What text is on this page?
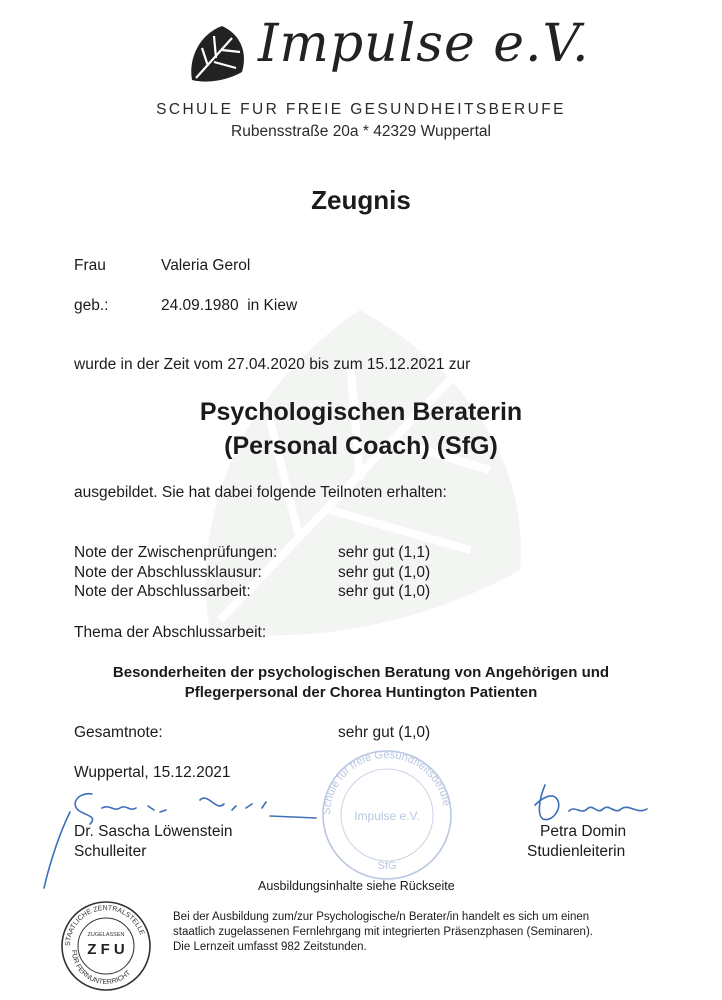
Impulse e.V.
SCHULE FUR FREIE GESUNDHEITSBERUFE
Rubensstraße 20a * 42329 Wuppertal
Zeugnis
Frau	Valeria Gerol
geb.:	24.09.1980  in Kiew
wurde in der Zeit vom 27.04.2020 bis zum 15.12.2021 zur
Psychologischen Beraterin
(Personal Coach) (SfG)
ausgebildet. Sie hat dabei folgende Teilnoten erhalten:
Note der Zwischenprüfungen:	sehr gut (1,1)
Note der Abschlussklausur:	sehr gut (1,0)
Note der Abschlussarbeit:	sehr gut (1,0)
Thema der Abschlussarbeit:
Besonderheiten der psychologischen Beratung von Angehörigen und
Pflegerpersonal der Chorea Huntington Patienten
Gesamtnote:	sehr gut (1,0)
Wuppertal, 15.12.2021
Schule für freie Gesundheitsberufe
Impulse e.V.
SfG
Dr. Sascha Löwenstein
Schulleiter
Petra Domin
Studienleiterin
Ausbildungsinhalte siehe Rückseite
STAATLICHE ZENTRALSTELLE
FÜR FERNUNTERRICHT
ZUGELASSEN
Z F U
Bei der Ausbildung zum/zur Psychologische/n Berater/in handelt es sich um einen
staatlich zugelassenen Fernlehrgang mit integrierten Präsenzphasen (Seminaren).
Die Lernzeit umfasst 982 Zeitstunden.
